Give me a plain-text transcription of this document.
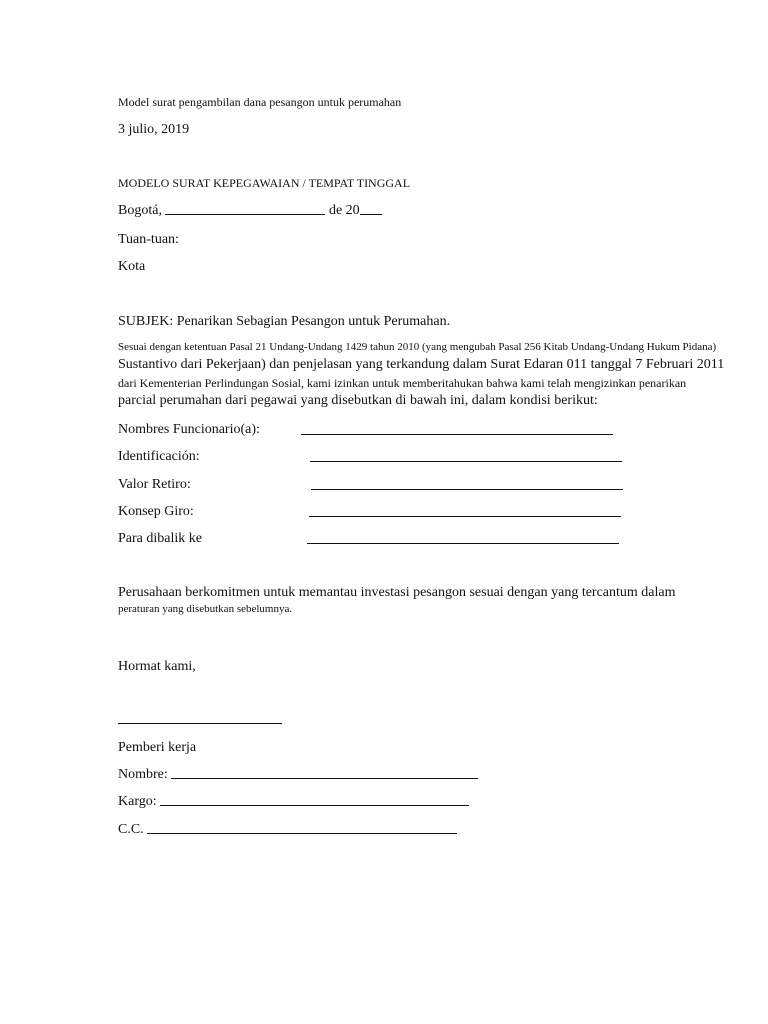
Model surat pengambilan dana pesangon untuk perumahan
3 julio, 2019
MODELO SURAT KEPEGAWAIAN / TEMPAT TINGGAL
Bogotá,	de 20
Tuan-tuan:
Kota
SUBJEK: Penarikan Sebagian Pesangon untuk Perumahan.
Sesuai dengan ketentuan Pasal 21 Undang-Undang 1429 tahun 2010 (yang mengubah Pasal 256 Kitab Undang-Undang Hukum Pidana)
Sustantivo dari Pekerjaan) dan penjelasan yang terkandung dalam Surat Edaran 011 tanggal 7 Februari 2011
dari Kementerian Perlindungan Sosial, kami izinkan untuk memberitahukan bahwa kami telah mengizinkan penarikan
parcial perumahan dari pegawai yang disebutkan di bawah ini, dalam kondisi berikut:
Nombres Funcionario(a):
Identificación:
Valor Retiro:
Konsep Giro:
Para dibalik ke
Perusahaan berkomitmen untuk memantau investasi pesangon sesuai dengan yang tercantum dalam
peraturan yang disebutkan sebelumnya.
Hormat kami,
Pemberi kerja
Nombre:
Kargo:
C.C.
